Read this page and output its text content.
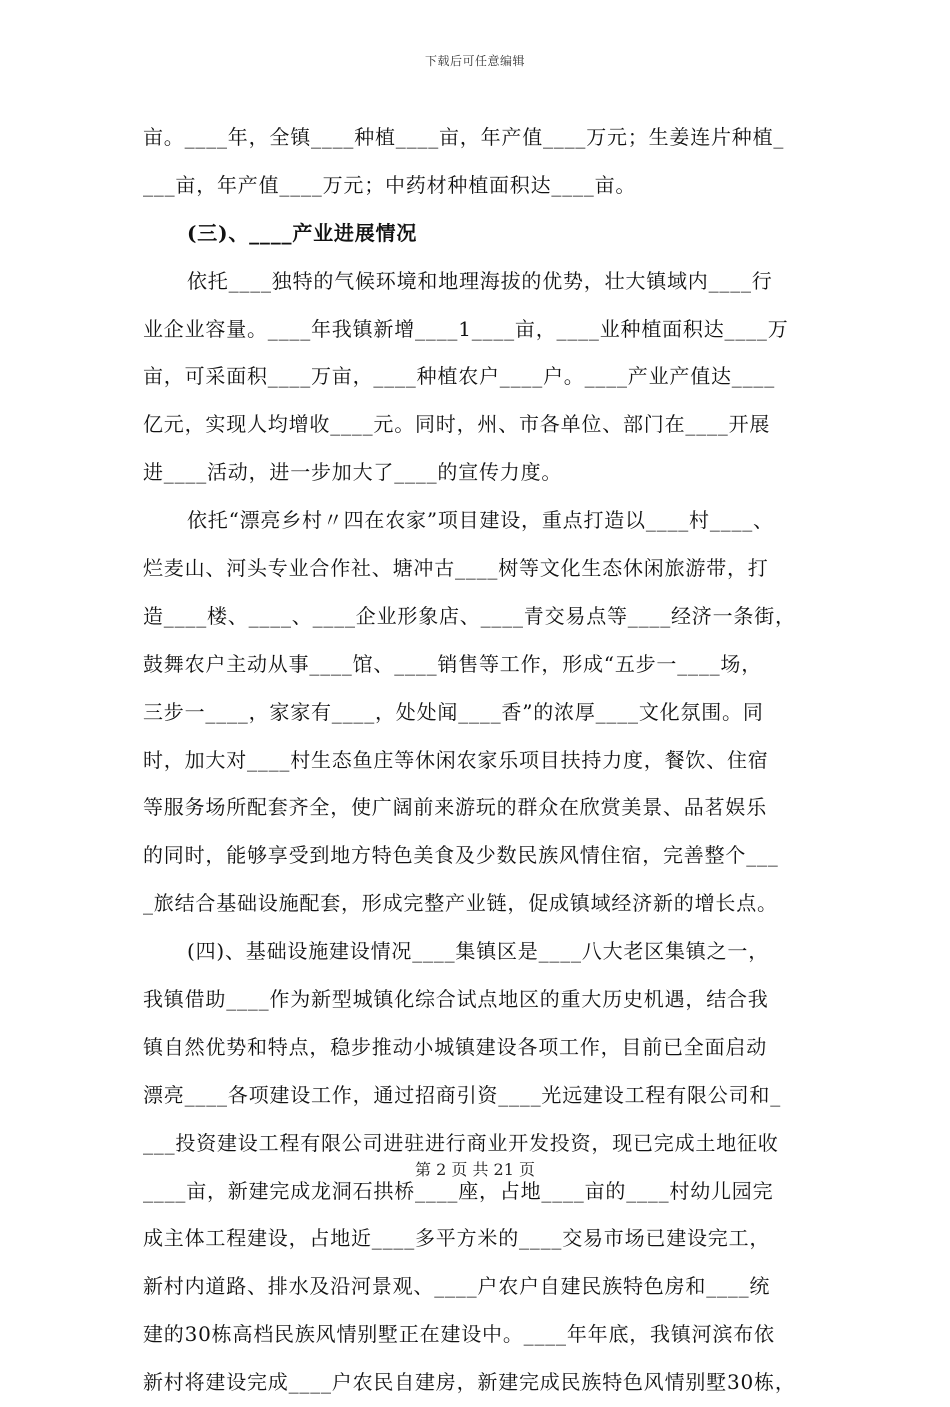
下载后可任意编辑
亩。____年，全镇____种植____亩，年产值____万元；生姜连片种植_
___亩，年产值____万元；中药材种植面积达____亩。
(三)、____产业进展情况
依托____独特的气候环境和地理海拔的优势，壮大镇域内____行
业企业容量。____年我镇新增____1____亩，____业种植面积达____万
亩，可采面积____万亩，____种植农户____户。____产业产值达____
亿元，实现人均增收____元。同时，州、市各单位、部门在____开展
进____活动，进一步加大了____的宣传力度。
依托“漂亮乡村〃四在农家”项目建设，重点打造以____村____、
烂麦山、河头专业合作社、塘冲古____树等文化生态休闲旅游带，打
造____楼、____、____企业形象店、____青交易点等____经济一条街，
鼓舞农户主动从事____馆、____销售等工作，形成“五步一____场，
三步一____，家家有____，处处闻____香”的浓厚____文化氛围。同
时，加大对____村生态鱼庄等休闲农家乐项目扶持力度，餐饮、住宿
等服务场所配套齐全，使广阔前来游玩的群众在欣赏美景、品茗娱乐
的同时，能够享受到地方特色美食及少数民族风情住宿，完善整个___
_旅结合基础设施配套，形成完整产业链，促成镇域经济新的增长点。
(四)、基础设施建设情况____集镇区是____八大老区集镇之一，
我镇借助____作为新型城镇化综合试点地区的重大历史机遇，结合我
镇自然优势和特点，稳步推动小城镇建设各项工作，目前已全面启动
漂亮____各项建设工作，通过招商引资____光远建设工程有限公司和_
___投资建设工程有限公司进驻进行商业开发投资，现已完成土地征收
____亩，新建完成龙洞石拱桥____座，占地____亩的____村幼儿园完
成主体工程建设，占地近____多平方米的____交易市场已建设完工，
新村内道路、排水及沿河景观、____户农户自建民族特色房和____统
建的30栋高档民族风情别墅正在建设中。____年年底，我镇河滨布依
新村将建设完成____户农民自建房，新建完成民族特色风情别墅30栋，
第 2 页 共 21 页
